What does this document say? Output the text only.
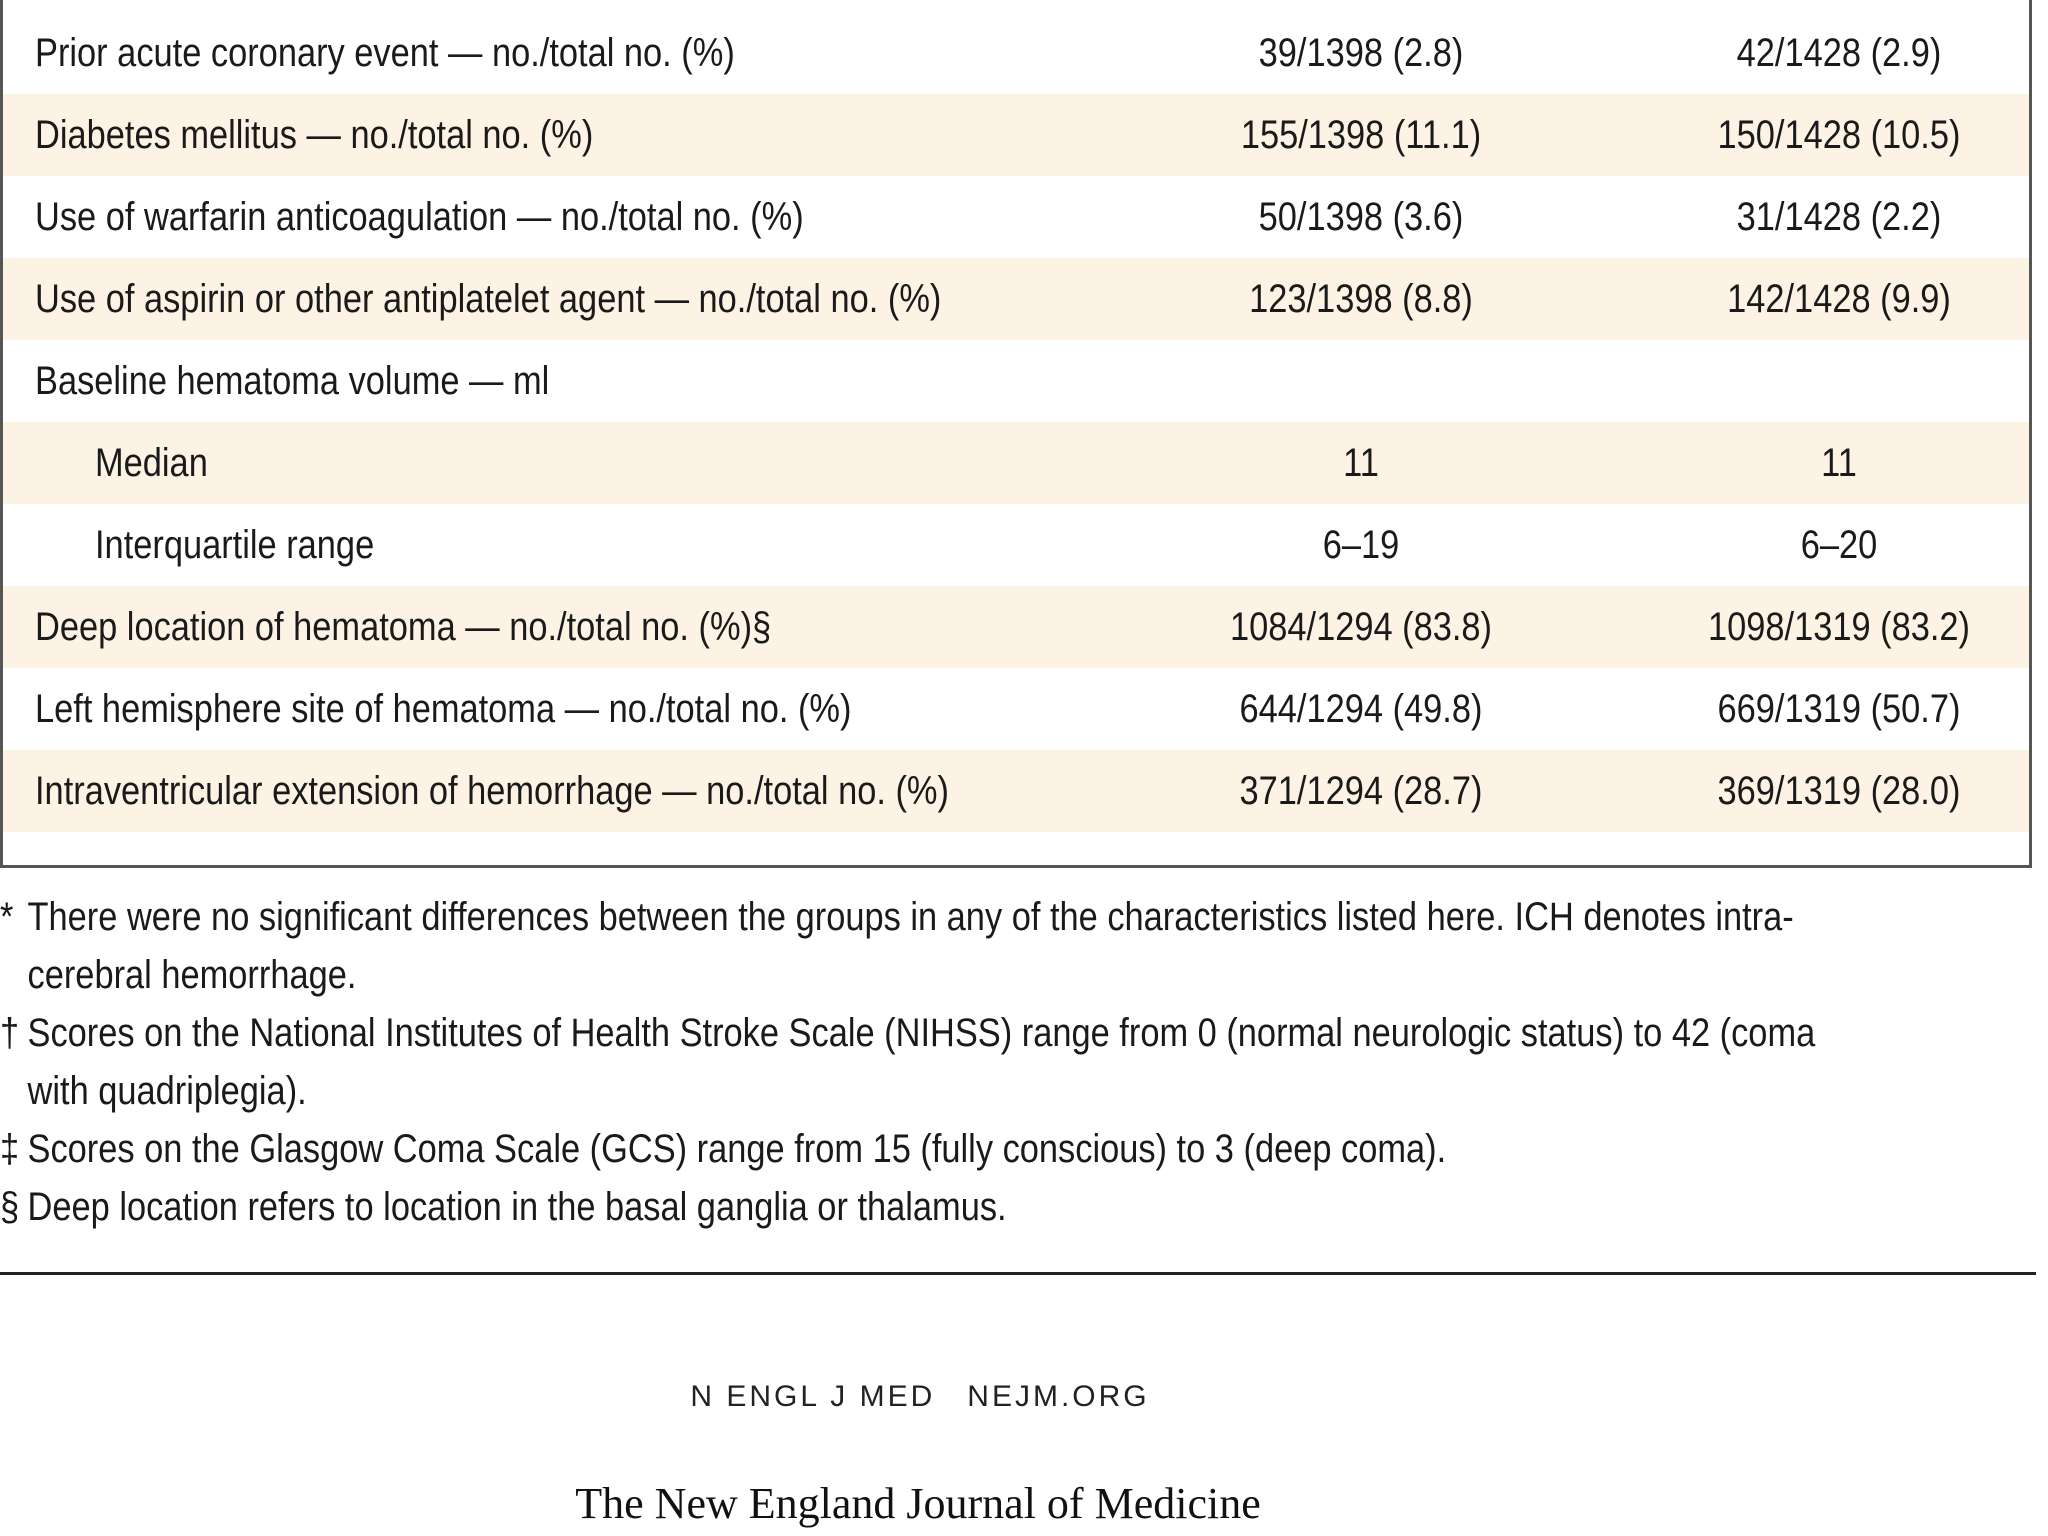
Prior acute coronary event — no./total no. (%)	39/1398 (2.8)	42/1428 (2.9)
Diabetes mellitus — no./total no. (%)	155/1398 (11.1)	150/1428 (10.5)
Use of warfarin anticoagulation — no./total no. (%)	50/1398 (3.6)	31/1428 (2.2)
Use of aspirin or other antiplatelet agent — no./total no. (%)	123/1398 (8.8)	142/1428 (9.9)
Baseline hematoma volume — ml
Median	11	11
Interquartile range	6–19	6–20
Deep location of hematoma — no./total no. (%)§	1084/1294 (83.8)	1098/1319 (83.2)
Left hemisphere site of hematoma — no./total no. (%)	644/1294 (49.8)	669/1319 (50.7)
Intraventricular extension of hemorrhage — no./total no. (%)	371/1294 (28.7)	369/1319 (28.0)
* There were no significant differences between the groups in any of the characteristics listed here. ICH denotes intra-
cerebral hemorrhage.
† Scores on the National Institutes of Health Stroke Scale (NIHSS) range from 0 (normal neurologic status) to 42 (coma
with quadriplegia).
‡ Scores on the Glasgow Coma Scale (GCS) range from 15 (fully conscious) to 3 (deep coma).
§ Deep location refers to location in the basal ganglia or thalamus.
N ENGL J MED NEJM.ORG
The New England Journal of Medicine
